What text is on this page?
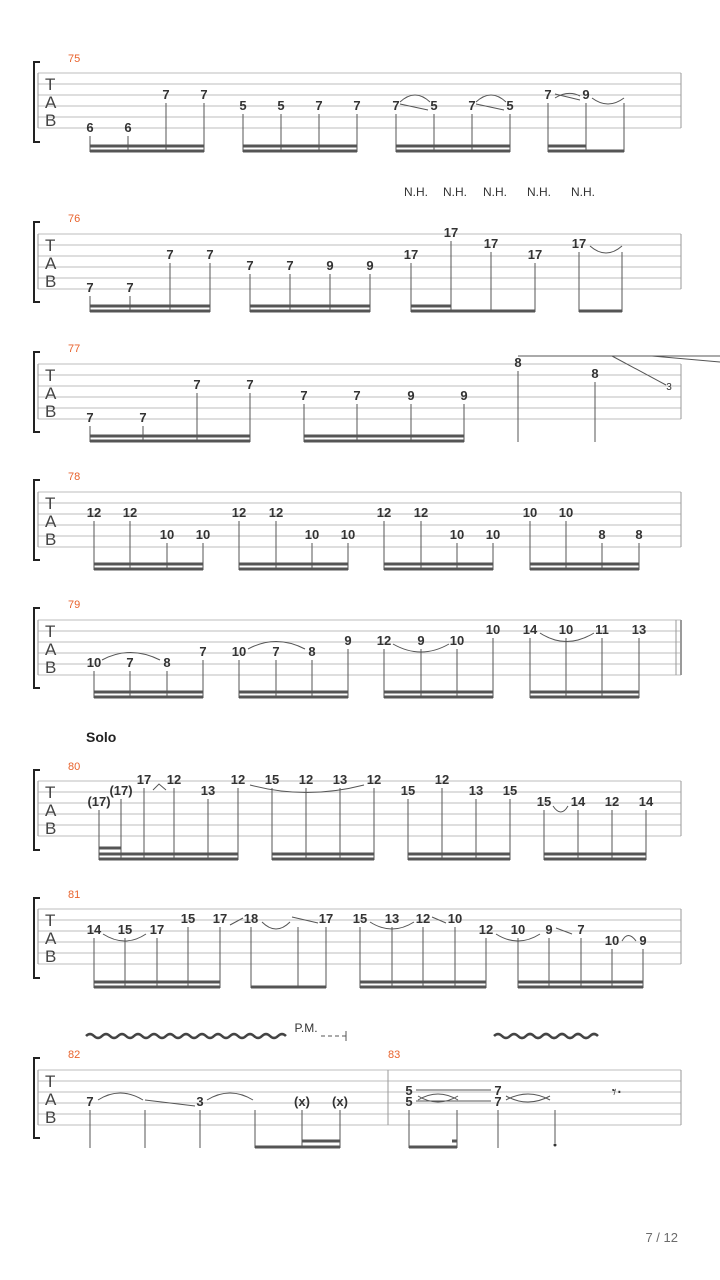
75
T
A
B 6 6
7 7
5 5 7 7 7 5 7 5
7 9
N.H. N.H. N.H. N.H. N.H.
76
T
A
B 7	7
7	7
7	7	9	9
17
17
17
17
17
77
T
A
B 7	7
7	7
7	7	9	9
8
8
3
78
T
A
B
12 12
10 10
12 12
10 10
12 12
10 10
10 10
8 8
79
T
A
B 10 7 8
7 10 7 8
9 12 9 10
10 14 10 11 13
Solo
80
T
A
B
(17)
(17)
17 12
13
12 15 12 13 12
15
12
13 15
15 14 12 14
81
T
A
B
14 15 17
15 17 18	17 15 13 12 10
12 10 9 7
10 9
P.M.
82	83
T
A
B
7	3	(x) (x)
5
5
7
7	𝄾·
7 / 12
